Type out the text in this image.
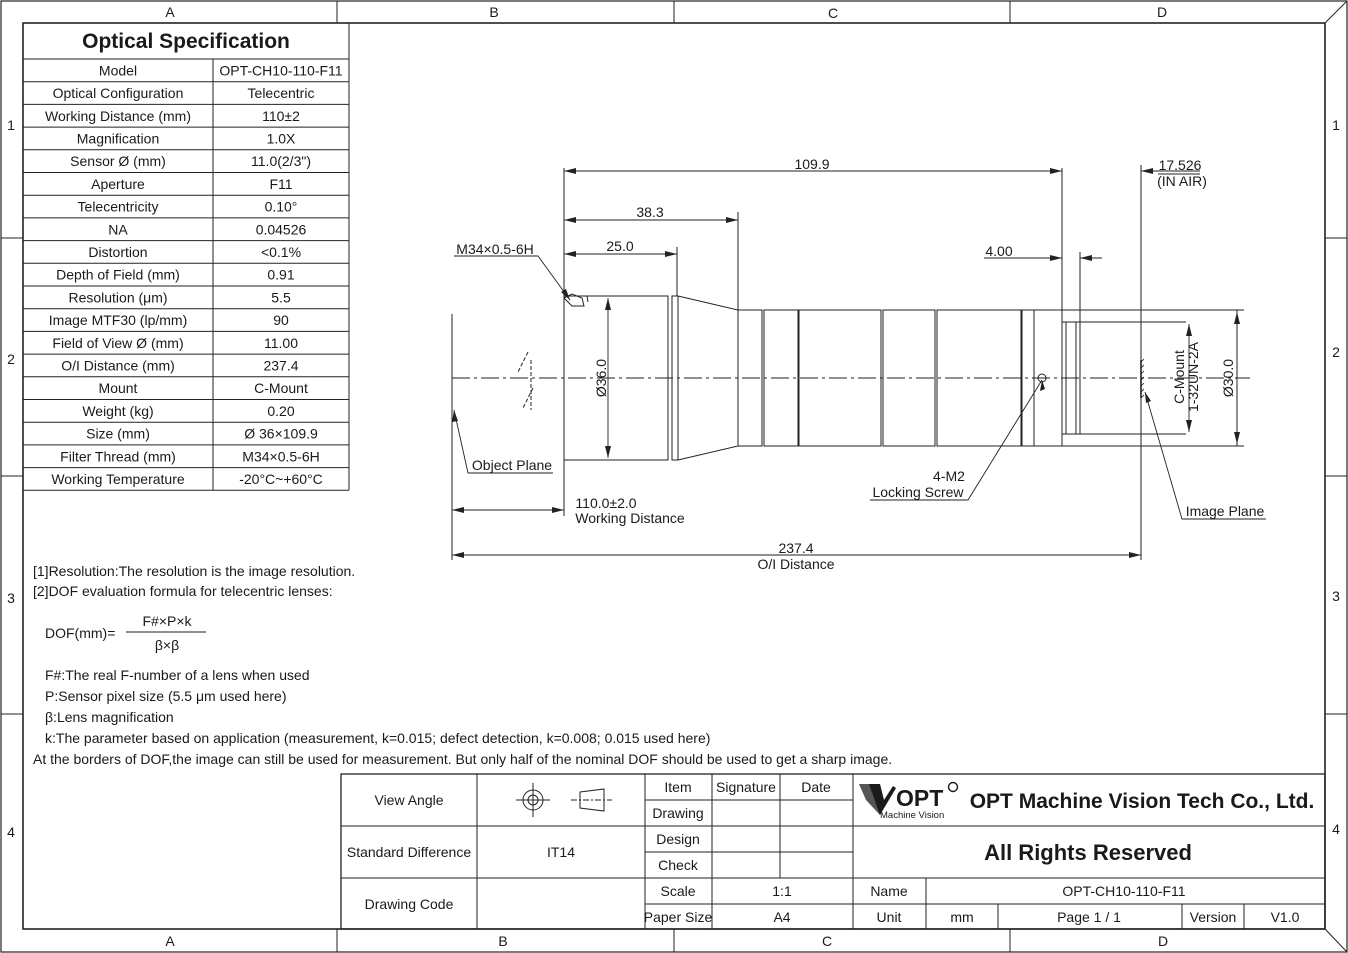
A	B	C	D
A	B	C	D
1
2
3
4
1
2
3
4
Optical Specification
Model	OPT-CH10-110-F11
Optical Configuration	Telecentric
Working Distance (mm)	110±2
Magnification	1.0X
Sensor Ø (mm)	11.0(2/3")
Aperture	F11
Telecentricity	0.10°
NA	0.04526
Distortion	<0.1%
Depth of Field (mm)	0.91
Resolution (μm)	5.5
Image MTF30 (lp/mm)	90
Field of View Ø (mm)	11.00
O/I Distance (mm)	237.4
Mount	C-Mount
Weight (kg)	0.20
Size (mm)	Ø 36×109.9
Filter Thread (mm)	M34×0.5-6H
Working Temperature	-20°C~+60°C
109.9	17.526
(IN AIR)
38.3
25.0	4.00
M34×0.5-6H
Ø36.0	Ø30.0
C-Mount
1-32UN-2A
Object Plane
4-M2
Locking Screw
Image Plane
110.0±2.0
Working Distance
237.4
O/I Distance
[1]Resolution:The resolution is the image resolution.
[2]DOF evaluation formula for telecentric lenses:
DOF(mm)=
F#×P×k
β×β
F#:The real F-number of a lens when used
P:Sensor pixel size (5.5 μm used here)
β:Lens magnification
k:The parameter based on application (measurement, k=0.015; defect detection, k=0.008; 0.015 used here)
At the borders of DOF,the image can still be used for measurement. But only half of the nominal DOF should be used to get a sharp image.
View Angle
Standard Difference	IT14
Drawing Code
Item Signature Date
Drawing
Design
Check
Scale	1:1
Paper Size	A4
Name	OPT-CH10-110-F11
Unit	mm	Page 1 / 1	Version V1.0
All Rights Reserved
OPT Machine Vision Tech Co., Ltd.
OPT
Machine Vision
